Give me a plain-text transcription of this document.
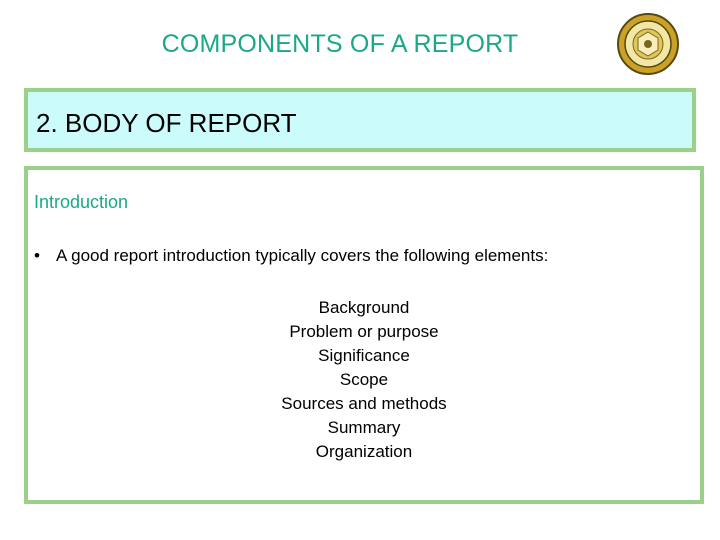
COMPONENTS OF A REPORT
2. BODY OF REPORT
Introduction
• A good report introduction typically covers the following elements:
Background
Problem or purpose
Significance
Scope
Sources and methods
Summary
Organization
